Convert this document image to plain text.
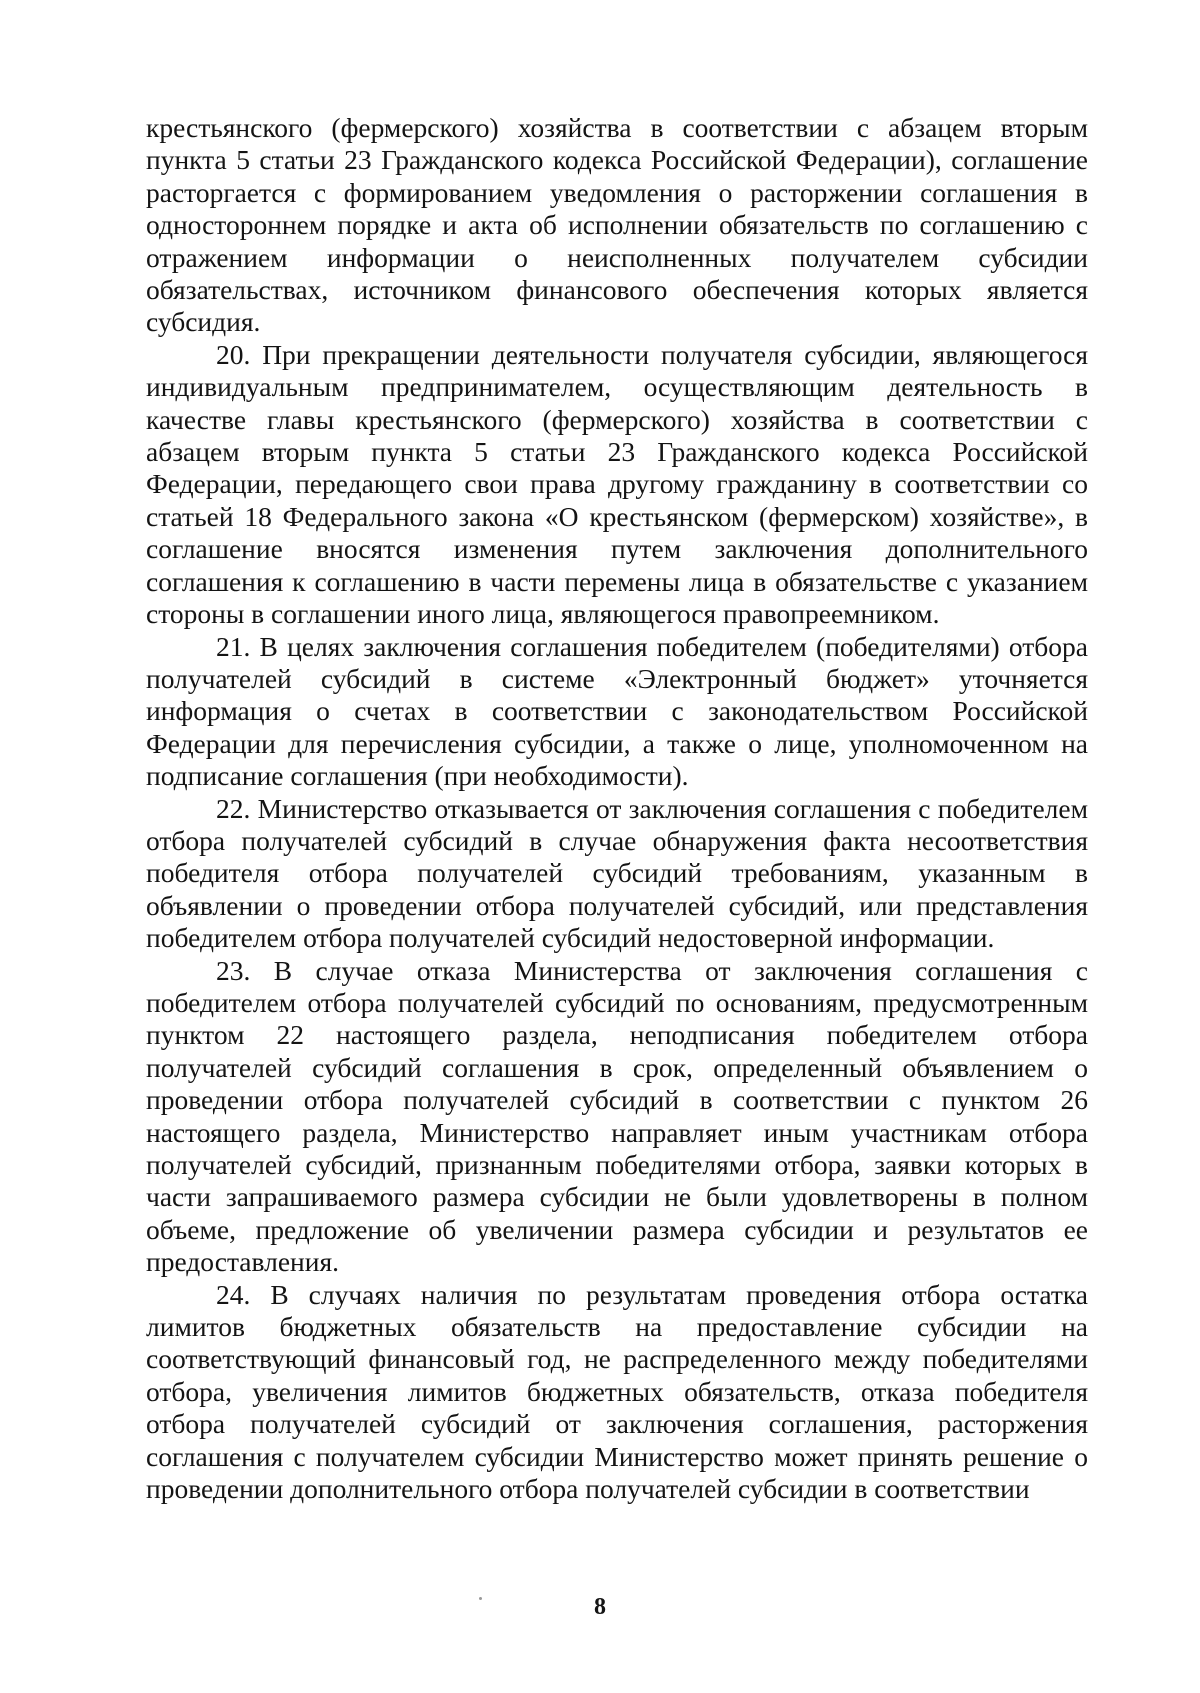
крестьянского (фермерского) хозяйства в соответствии с абзацем вторым пункта 5 статьи 23 Гражданского кодекса Российской Федерации), соглашение расторгается с формированием уведомления о расторжении соглашения в одностороннем порядке и акта об исполнении обязательств по соглашению с отражением информации о неисполненных получателем субсидии обязательствах, источником финансового обеспечения которых является субсидия.

20. При прекращении деятельности получателя субсидии, являющегося индивидуальным предпринимателем, осуществляющим деятельность в качестве главы крестьянского (фермерского) хозяйства в соответствии с абзацем вторым пункта 5 статьи 23 Гражданского кодекса Российской Федерации, передающего свои права другому гражданину в соответствии со статьей 18 Федерального закона «О крестьянском (фермерском) хозяйстве», в соглашение вносятся изменения путем заключения дополнительного соглашения к соглашению в части перемены лица в обязательстве с указанием стороны в соглашении иного лица, являющегося правопреемником.

21. В целях заключения соглашения победителем (победителями) отбора получателей субсидий в системе «Электронный бюджет» уточняется информация о счетах в соответствии с законодательством Российской Федерации для перечисления субсидии, а также о лице, уполномоченном на подписание соглашения (при необходимости).

22. Министерство отказывается от заключения соглашения с победителем отбора получателей субсидий в случае обнаружения факта несоответствия победителя отбора получателей субсидий требованиям, указанным в объявлении о проведении отбора получателей субсидий, или представления победителем отбора получателей субсидий недостоверной информации.

23. В случае отказа Министерства от заключения соглашения с победителем отбора получателей субсидий по основаниям, предусмотренным пунктом 22 настоящего раздела, неподписания победителем отбора получателей субсидий соглашения в срок, определенный объявлением о проведении отбора получателей субсидий в соответствии с пунктом 26 настоящего раздела, Министерство направляет иным участникам отбора получателей субсидий, признанным победителями отбора, заявки которых в части запрашиваемого размера субсидии не были удовлетворены в полном объеме, предложение об увеличении размера субсидии и результатов ее предоставления.

24. В случаях наличия по результатам проведения отбора остатка лимитов бюджетных обязательств на предоставление субсидии на соответствующий финансовый год, не распределенного между победителями отбора, увеличения лимитов бюджетных обязательств, отказа победителя отбора получателей субсидий от заключения соглашения, расторжения соглашения с получателем субсидии Министерство может принять решение о проведении дополнительного отбора получателей субсидии в соответствии

8
